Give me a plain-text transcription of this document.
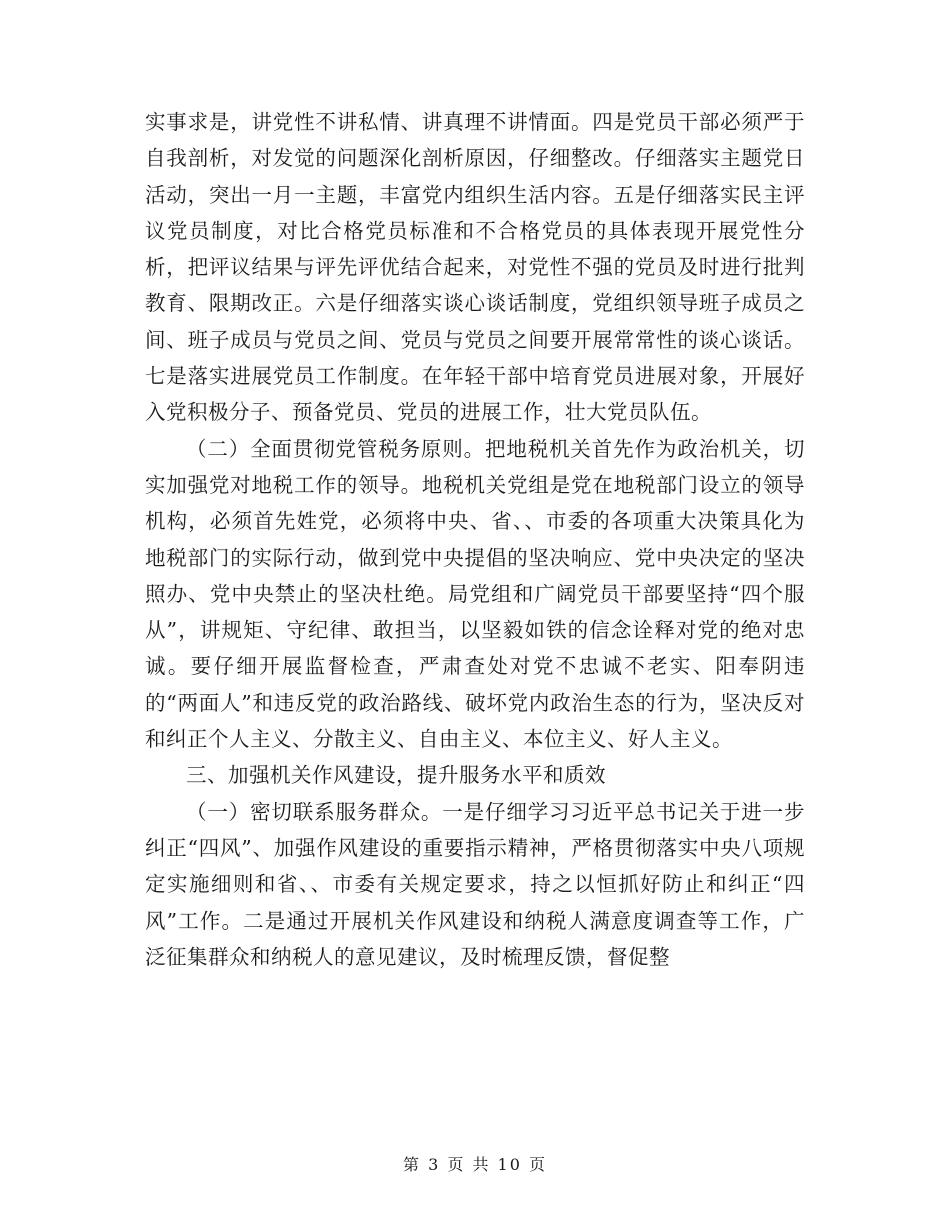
实事求是，讲党性不讲私情、讲真理不讲情面。四是党员干部必须严于自我剖析，对发觉的问题深化剖析原因，仔细整改。仔细落实主题党日活动，突出一月一主题，丰富党内组织生活内容。五是仔细落实民主评议党员制度，对比合格党员标准和不合格党员的具体表现开展党性分析，把评议结果与评先评优结合起来，对党性不强的党员及时进行批判教育、限期改正。六是仔细落实谈心谈话制度，党组织领导班子成员之间、班子成员与党员之间、党员与党员之间要开展常常性的谈心谈话。七是落实进展党员工作制度。在年轻干部中培育党员进展对象，开展好入党积极分子、预备党员、党员的进展工作，壮大党员队伍。

（二）全面贯彻党管税务原则。把地税机关首先作为政治机关，切实加强党对地税工作的领导。地税机关党组是党在地税部门设立的领导机构，必须首先姓党，必须将中央、省、、市委的各项重大决策具化为地税部门的实际行动，做到党中央提倡的坚决响应、党中央决定的坚决照办、党中央禁止的坚决杜绝。局党组和广阔党员干部要坚持“四个服从”，讲规矩、守纪律、敢担当，以坚毅如铁的信念诠释对党的绝对忠诚。要仔细开展监督检查，严肃查处对党不忠诚不老实、阳奉阴违的“两面人”和违反党的政治路线、破坏党内政治生态的行为，坚决反对和纠正个人主义、分散主义、自由主义、本位主义、好人主义。

三、加强机关作风建设，提升服务水平和质效

（一）密切联系服务群众。一是仔细学习习近平总书记关于进一步纠正“四风”、加强作风建设的重要指示精神，严格贯彻落实中央八项规定实施细则和省、、市委有关规定要求，持之以恒抓好防止和纠正“四风”工作。二是通过开展机关作风建设和纳税人满意度调查等工作，广泛征集群众和纳税人的意见建议，及时梳理反馈，督促整

第 3 页 共 10 页
